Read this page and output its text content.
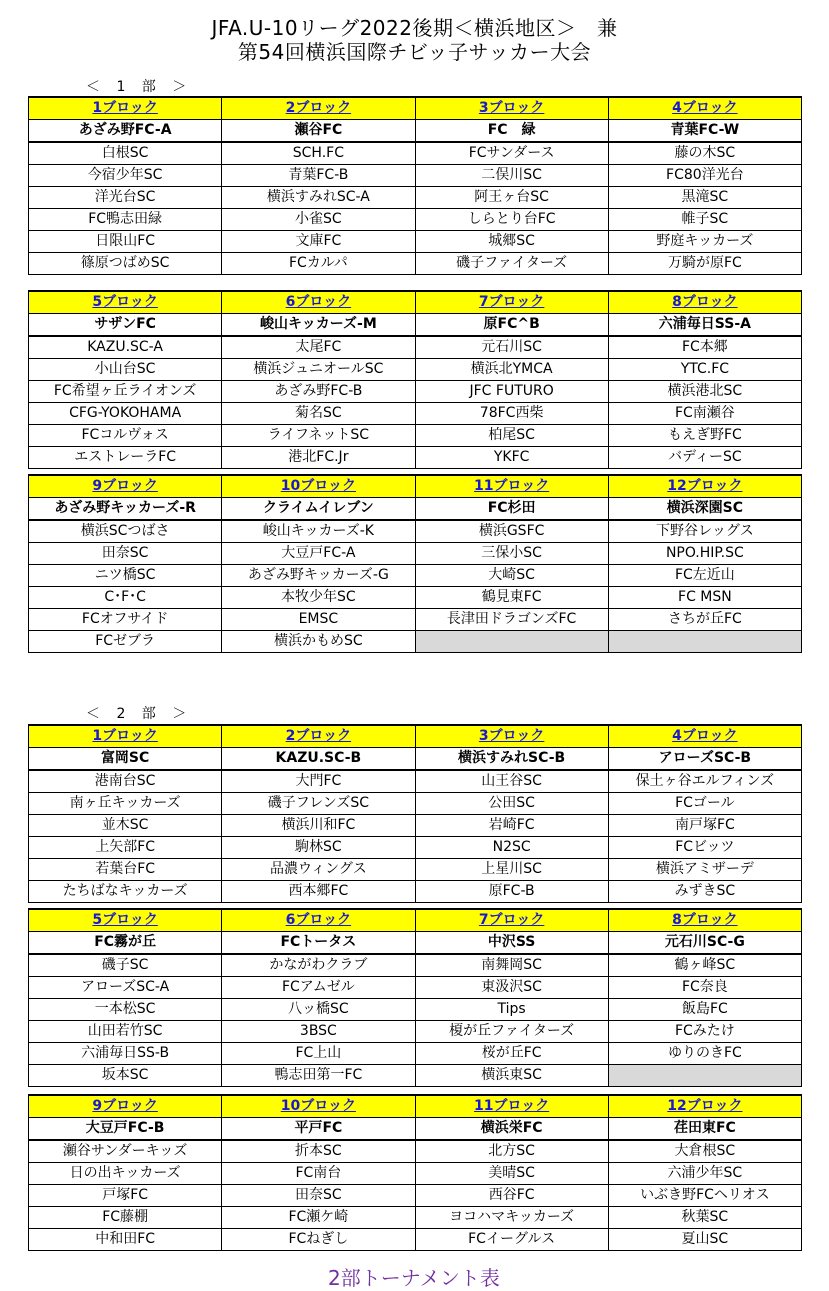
JFA.U-10リーグ2022後期＜横浜地区＞　兼
第54回横浜国際チビッ子サッカー大会
＜ 1 部 ＞
1ブロック	2ブロック	3ブロック	4ブロック
あざみ野FC-A	瀬谷FC	FC　緑	青葉FC-W
白根SC	SCH.FC	FCサンダース	藤の木SC
今宿少年SC	青葉FC-B	二俣川SC	FC80洋光台
洋光台SC	横浜すみれSC-A	阿王ヶ台SC	黒滝SC
FC鴨志田緑	小雀SC	しらとり台FC	帷子SC
日限山FC	文庫FC	城郷SC	野庭キッカーズ
篠原つばめSC	FCカルパ	磯子ファイターズ	万騎が原FC
5ブロック	6ブロック	7ブロック	8ブロック
サザンFC	峻山キッカーズ-M	原FC^B	六浦毎日SS-A
KAZU.SC-A	太尾FC	元石川SC	FC本郷
小山台SC	横浜ジュニオールSC	横浜北YMCA	YTC.FC
FC希望ヶ丘ライオンズ	あざみ野FC-B	JFC FUTURO	横浜港北SC
CFG-YOKOHAMA	菊名SC	78FC西柴	FC南瀬谷
FCコルヴォス	ライフネットSC	柏尾SC	もえぎ野FC
エストレーラFC	港北FC.Jr	YKFC	バディーSC
9ブロック	10ブロック	11ブロック	12ブロック
あざみ野キッカーズ-R	クライムイレブン	FC杉田	横浜深園SC
横浜SCつばさ	峻山キッカーズ-K	横浜GSFC	下野谷レッグス
田奈SC	大豆戸FC-A	三保小SC	NPO.HIP.SC
ニツ橋SC	あざみ野キッカーズ-G	大崎SC	FC左近山
C･F･C	本牧少年SC	鶴見東FC	FC MSN
FCオフサイド	EMSC	長津田ドラゴンズFC	さちが丘FC
FCゼブラ	横浜かもめSC		
＜ 2 部 ＞
1ブロック	2ブロック	3ブロック	4ブロック
富岡SC	KAZU.SC-B	横浜すみれSC-B	アローズSC-B
港南台SC	大門FC	山王谷SC	保土ヶ谷エルフィンズ
南ヶ丘キッカーズ	磯子フレンズSC	公田SC	FCゴール
並木SC	横浜川和FC	岩崎FC	南戸塚FC
上矢部FC	駒林SC	N2SC	FCビッツ
若葉台FC	品濃ウィングス	上星川SC	横浜アミザーデ
たちばなキッカーズ	西本郷FC	原FC-B	みずきSC
5ブロック	6ブロック	7ブロック	8ブロック
FC霧が丘	FCトータス	中沢SS	元石川SC-G
磯子SC	かながわクラブ	南舞岡SC	鶴ヶ峰SC
アローズSC-A	FCアムゼル	東汲沢SC	FC奈良
一本松SC	八ッ橋SC	Tips	飯島FC
山田若竹SC	3BSC	榎が丘ファイターズ	FCみたけ
六浦毎日SS-B	FC上山	桜が丘FC	ゆりのきFC
坂本SC	鴨志田第一FC	横浜東SC	
9ブロック	10ブロック	11ブロック	12ブロック
大豆戸FC-B	平戸FC	横浜栄FC	荏田東FC
瀬谷サンダーキッズ	折本SC	北方SC	大倉根SC
日の出キッカーズ	FC南台	美晴SC	六浦少年SC
戸塚FC	田奈SC	西谷FC	いぶき野FCヘリオス
FC藤棚	FC瀬ケ崎	ヨコハマキッカーズ	秋葉SC
中和田FC	FCねぎし	FCイーグルス	夏山SC
2部トーナメント表
